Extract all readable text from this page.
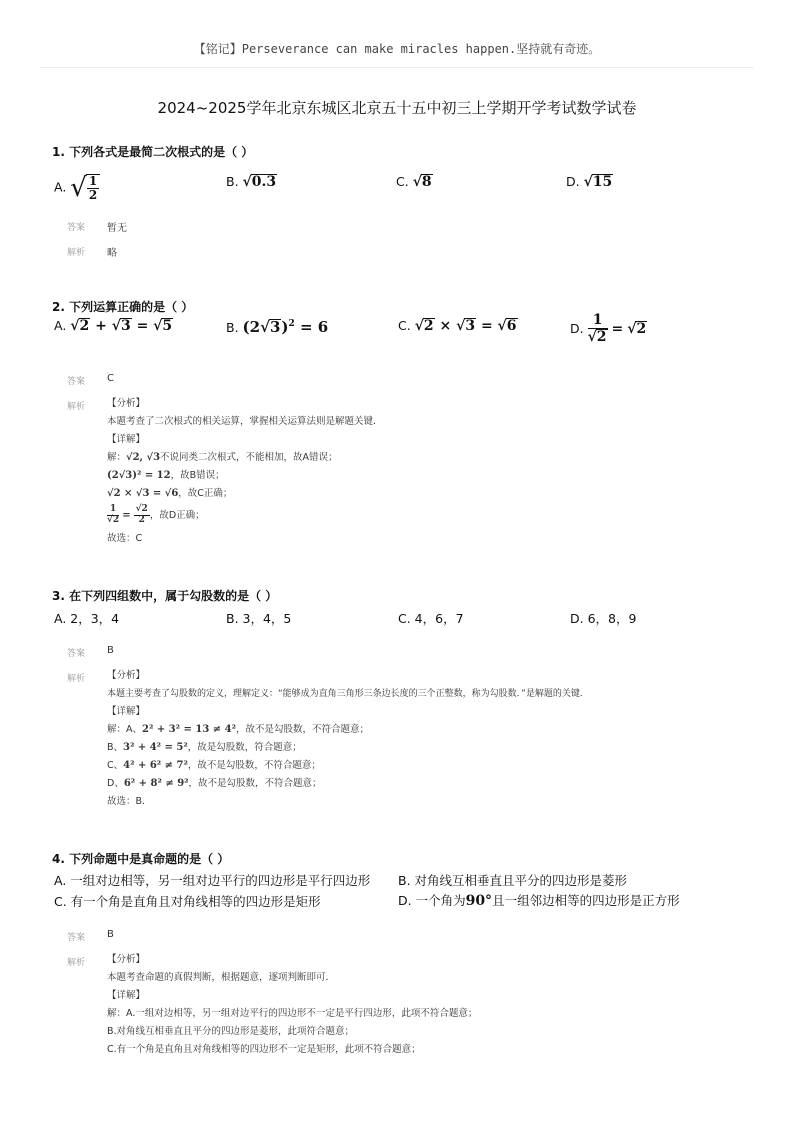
【铭记】Perseverance can make miracles happen.坚持就有奇迹。
2024~2025学年北京东城区北京五十五中初三上学期开学考试数学试卷
1. 下列各式是最简二次根式的是（ ）
A. √ $\frac{1}{2}$	B. √0.3	C. √8	D. √15
答案 暂无
解析 略
2. 下列运算正确的是（ ）
A. √2 + √3 = √5	B. $(2√3)^2 = 6$	C. √2 × √3 = √6	D. $\frac{1}{√2} = √2$
答案 C
解析 【分析】
本题考查了二次根式的相关运算，掌握相关运算法则是解题关键．
【详解】
解：√2, √3不说同类二次根式，不能相加，故A错误；
(2√3)² = 12，故B错误；
√2 × √3 = √6，故C正确；
$\frac{1}{√2} = \frac{√2}{2}$ ，故D正确；
故选：C
3. 在下列四组数中，属于勾股数的是（ ）
A. 2，3，4	B. 3，4，5	C. 4，6，7	D. 6，8，9
答案 B
解析 【分析】
本题主要考查了勾股数的定义，理解定义：“能够成为直角三角形三条边长度的三个正整数，称为勾股数．”是解题的关键．
【详解】
解：A、2² + 3² = 13 ≠ 4²，故不是勾股数，不符合题意；
B、3² + 4² = 5²，故是勾股数，符合题意；
C、4² + 6² ≠ 7²，故不是勾股数，不符合题意；
D、6² + 8² ≠ 9²，故不是勾股数，不符合题意；
故选：B．
4. 下列命题中是真命题的是（ ）
A. 一组对边相等，另一组对边平行的四边形是平行四边形 B. 对角线互相垂直且平分的四边形是菱形
C. 有一个角是直角且对角线相等的四边形是矩形	D. 一个角为90°且一组邻边相等的四边形是正方形
答案 B
解析 【分析】
本题考查命题的真假判断，根据题意，逐项判断即可．
【详解】
解：A.一组对边相等，另一组对边平行的四边形不一定是平行四边形，此项不符合题意；
B.对角线互相垂直且平分的四边形是菱形，此项符合题意；
C.有一个角是直角且对角线相等的四边形不一定是矩形，此项不符合题意；
